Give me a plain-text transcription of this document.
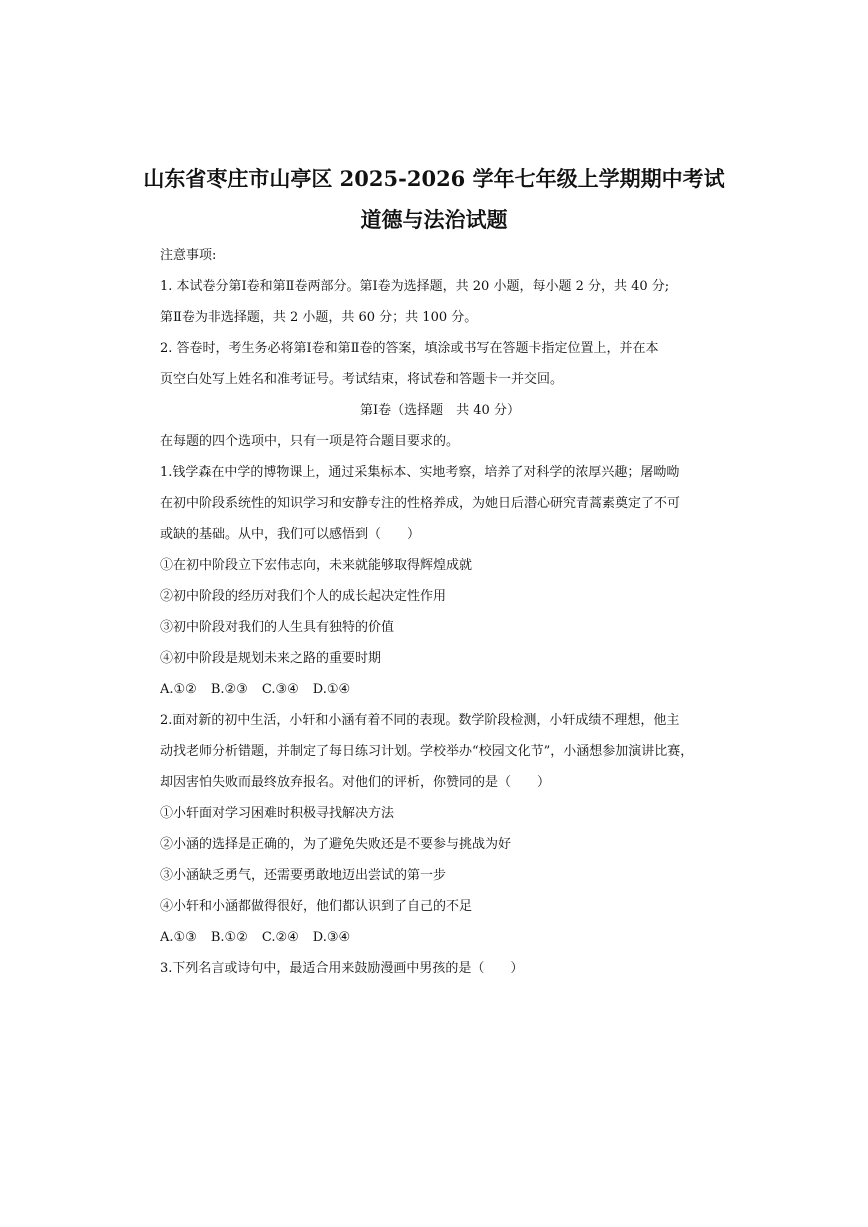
山东省枣庄市山亭区 2025-2026 学年七年级上学期期中考试
道德与法治试题
注意事项:
1. 本试卷分第Ⅰ卷和第Ⅱ卷两部分。第Ⅰ卷为选择题，共 20 小题，每小题 2 分，共 40 分;
第Ⅱ卷为非选择题，共 2 小题，共 60 分；共 100 分。
2. 答卷时，考生务必将第Ⅰ卷和第Ⅱ卷的答案，填涂或书写在答题卡指定位置上，并在本
页空白处写上姓名和准考证号。考试结束，将试卷和答题卡一并交回。
第Ⅰ卷（选择题　共 40 分）
在每题的四个选项中，只有一项是符合题目要求的。
1.钱学森在中学的博物课上，通过采集标本、实地考察，培养了对科学的浓厚兴趣；屠呦呦
在初中阶段系统性的知识学习和安静专注的性格养成，为她日后潜心研究青蒿素奠定了不可
或缺的基础。从中，我们可以感悟到（　　）
①在初中阶段立下宏伟志向，未来就能够取得辉煌成就
②初中阶段的经历对我们个人的成长起决定性作用
③初中阶段对我们的人生具有独特的价值
④初中阶段是规划未来之路的重要时期
A.①② B.②③ C.③④ D.①④
2.面对新的初中生活，小轩和小涵有着不同的表现。数学阶段检测，小轩成绩不理想，他主
动找老师分析错题，并制定了每日练习计划。学校举办“校园文化节”，小涵想参加演讲比赛，
却因害怕失败而最终放弃报名。对他们的评析，你赞同的是（　　）
①小轩面对学习困难时积极寻找解决方法
②小涵的选择是正确的，为了避免失败还是不要参与挑战为好
③小涵缺乏勇气，还需要勇敢地迈出尝试的第一步
④小轩和小涵都做得很好，他们都认识到了自己的不足
A.①③ B.①② C.②④ D.③④
3.下列名言或诗句中，最适合用来鼓励漫画中男孩的是（　　）
